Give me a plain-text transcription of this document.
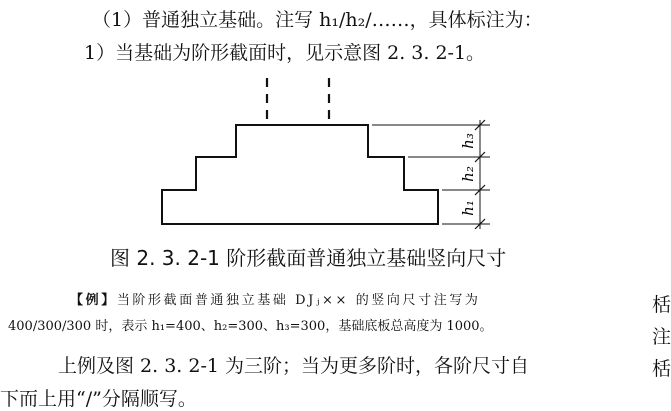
（1）普通独立基础。注写 h₁/h₂/……，具体标注为：
1）当基础为阶形截面时，见示意图 2. 3. 2-1。
h₃
h₂
h₁
图 2. 3. 2-1 阶形截面普通独立基础竖向尺寸
【例】当阶形截面普通独立基础 DJⱼ×× 的竖向尺寸注写为
400/300/300 时，表示 h₁=400、h₂=300、h₃=300，基础底板总高度为 1000。
上例及图 2. 3. 2-1 为三阶；当为更多阶时，各阶尺寸自
下而上用“/”分隔顺写。
栝
注
栝
